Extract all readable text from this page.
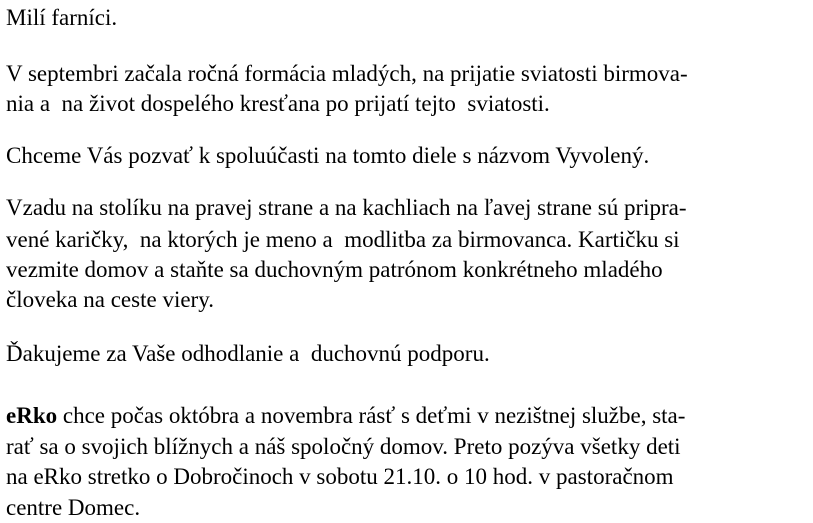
Milí farníci.
V septembri začala ročná formácia mladých, na prijatie sviatosti birmova-
nia a  na život dospelého kresťana po prijatí tejto  sviatosti.
Chceme Vás pozvať k spoluúčasti na tomto diele s názvom Vyvolený.
Vzadu na stolíku na pravej strane a na kachliach na ľavej strane sú pripra-
vené karičky,  na ktorých je meno a  modlitba za birmovanca. Kartičku si
vezmite domov a staňte sa duchovným patrónom konkrétneho mladého
človeka na ceste viery.
Ďakujeme za Vaše odhodlanie a  duchovnú podporu.
eRko chce počas októbra a novembra rásť s deťmi v nezištnej službe, sta-
rať sa o svojich blížnych a náš spoločný domov. Preto pozýva všetky deti
na eRko stretko o Dobročinoch v sobotu 21.10. o 10 hod. v pastoračnom
centre Domec.
